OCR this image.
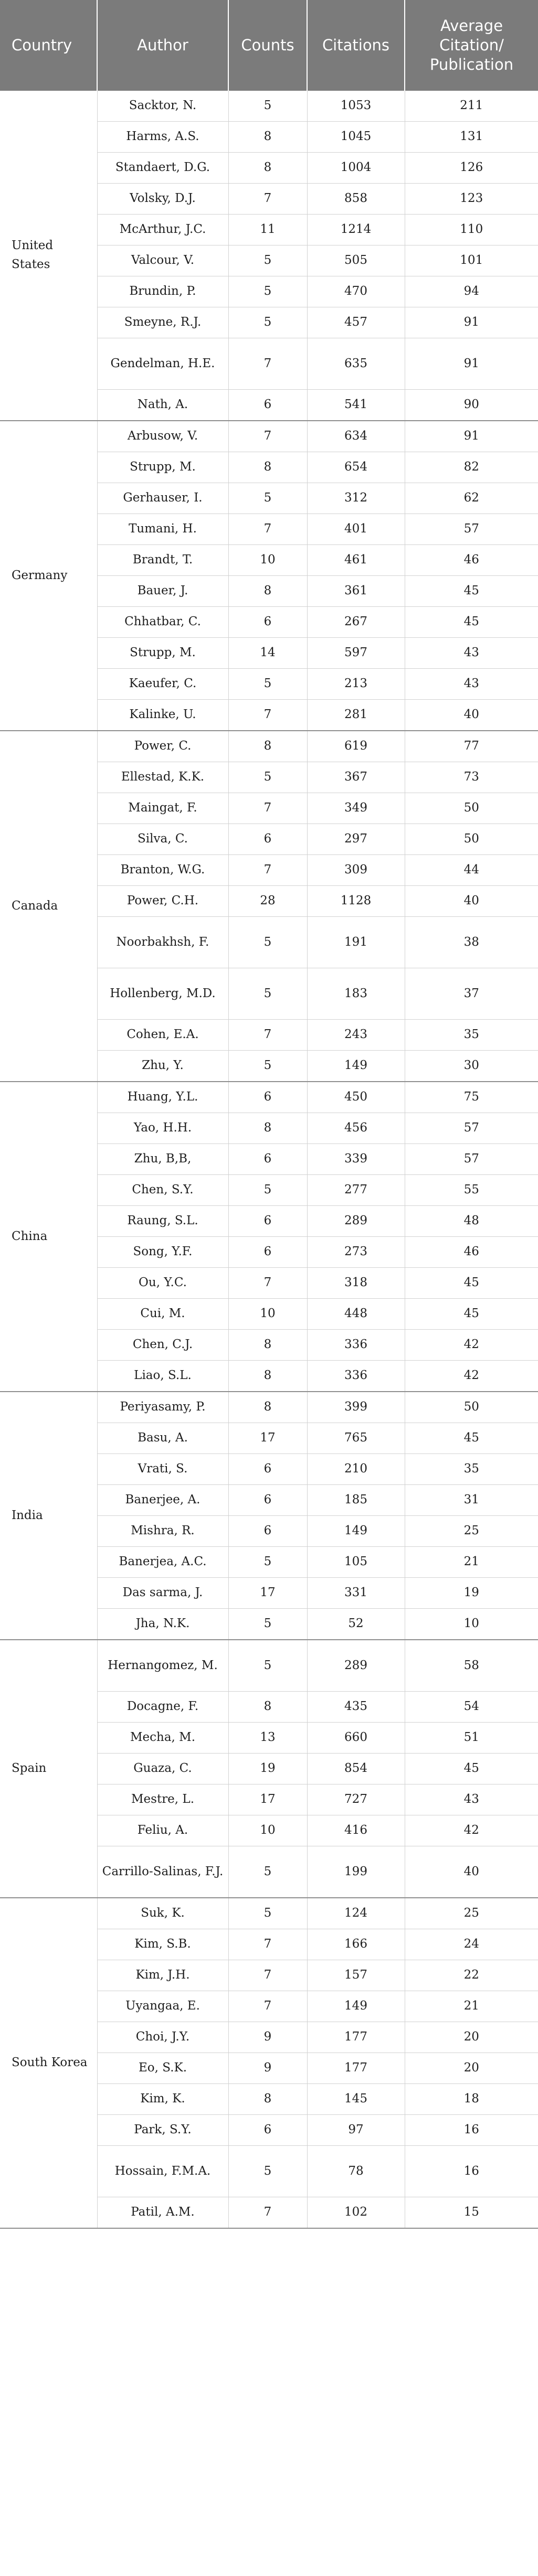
Country	Author	Counts	Citations	Average Citation/ Publication
United States	Sacktor, N.	5	1053	211
	Harms, A.S.	8	1045	131
	Standaert, D.G.	8	1004	126
	Volsky, D.J.	7	858	123
	McArthur, J.C.	11	1214	110
	Valcour, V.	5	505	101
	Brundin, P.	5	470	94
	Smeyne, R.J.	5	457	91
	Gendelman, H.E.	7	635	91
	Nath, A.	6	541	90
Germany	Arbusow, V.	7	634	91
	Strupp, M.	8	654	82
	Gerhauser, I.	5	312	62
	Tumani, H.	7	401	57
	Brandt, T.	10	461	46
	Bauer, J.	8	361	45
	Chhatbar, C.	6	267	45
	Strupp, M.	14	597	43
	Kaeufer, C.	5	213	43
	Kalinke, U.	7	281	40
Canada	Power, C.	8	619	77
	Ellestad, K.K.	5	367	73
	Maingat, F.	7	349	50
	Silva, C.	6	297	50
	Branton, W.G.	7	309	44
	Power, C.H.	28	1128	40
	Noorbakhsh, F.	5	191	38
	Hollenberg, M.D.	5	183	37
	Cohen, E.A.	7	243	35
	Zhu, Y.	5	149	30
China	Huang, Y.L.	6	450	75
	Yao, H.H.	8	456	57
	Zhu, B,B,	6	339	57
	Chen, S.Y.	5	277	55
	Raung, S.L.	6	289	48
	Song, Y.F.	6	273	46
	Ou, Y.C.	7	318	45
	Cui, M.	10	448	45
	Chen, C.J.	8	336	42
	Liao, S.L.	8	336	42
India	Periyasamy, P.	8	399	50
	Basu, A.	17	765	45
	Vrati, S.	6	210	35
	Banerjee, A.	6	185	31
	Mishra, R.	6	149	25
	Banerjea, A.C.	5	105	21
	Das sarma, J.	17	331	19
	Jha, N.K.	5	52	10
Spain	Hernangomez, M.	5	289	58
	Docagne, F.	8	435	54
	Mecha, M.	13	660	51
	Guaza, C.	19	854	45
	Mestre, L.	17	727	43
	Feliu, A.	10	416	42
	Carrillo-Salinas, F.J.	5	199	40
South Korea	Suk, K.	5	124	25
	Kim, S.B.	7	166	24
	Kim, J.H.	7	157	22
	Uyangaa, E.	7	149	21
	Choi, J.Y.	9	177	20
	Eo, S.K.	9	177	20
	Kim, K.	8	145	18
	Park, S.Y.	6	97	16
	Hossain, F.M.A.	5	78	16
	Patil, A.M.	7	102	15
